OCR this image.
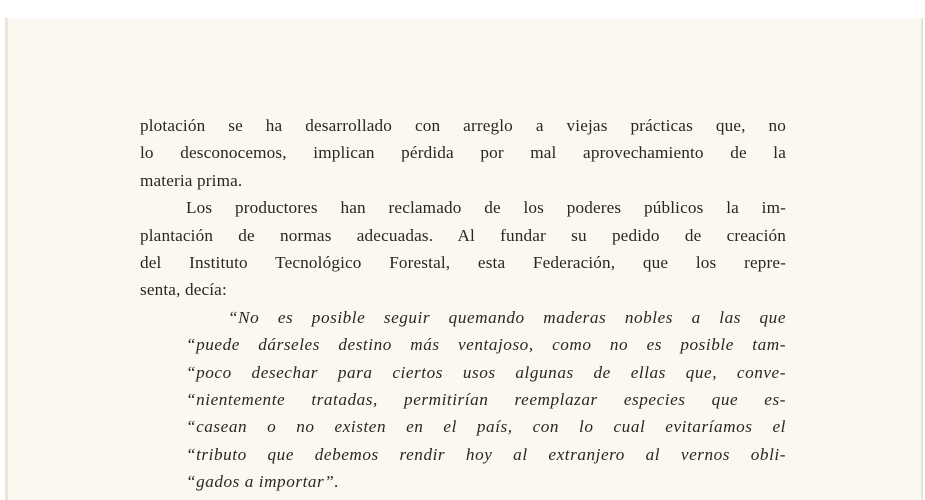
plotación se ha desarrollado con arreglo a viejas prácticas que, no
lo desconocemos, implican pérdida por mal aprovechamiento de la
materia prima.
Los productores han reclamado de los poderes públicos la im-
plantación de normas adecuadas. Al fundar su pedido de creación
del Instituto Tecnológico Forestal, esta Federación, que los repre-
senta, decía:
“No es posible seguir quemando maderas nobles a las que
“puede dárseles destino más ventajoso, como no es posible tam-
“poco desechar para ciertos usos algunas de ellas que, conve-
“nientemente tratadas, permitirían reemplazar especies que es-
“casean o no existen en el país, con lo cual evitaríamos el
“tributo que debemos rendir hoy al extranjero al vernos obli-
“gados a importar”.
